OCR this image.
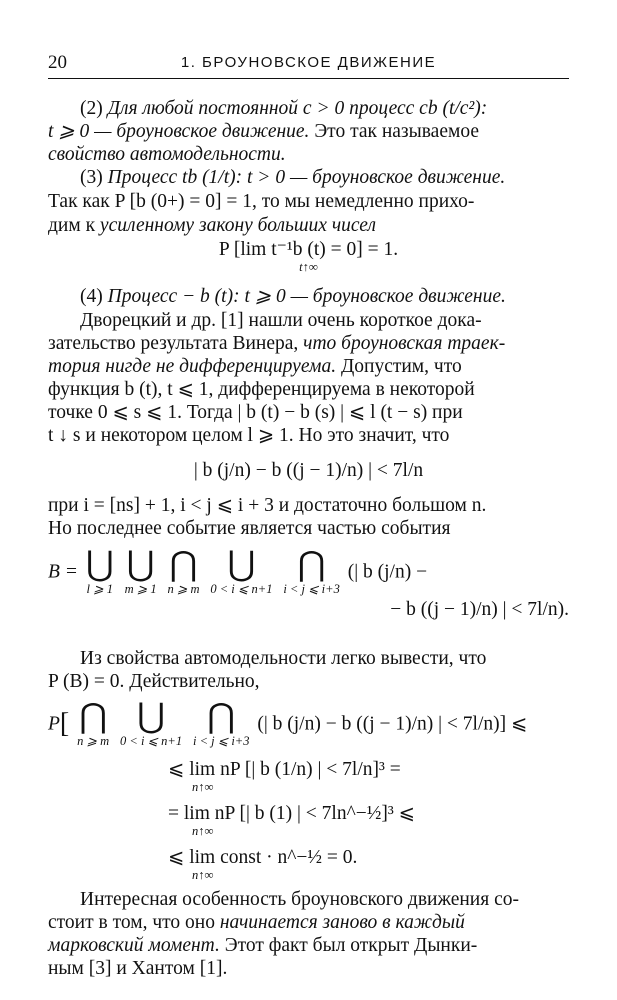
20	1. БРОУНОВСКОЕ ДВИЖЕНИЕ
(2) Для любой постоянной c > 0 процесс cb (t/c²):
t ⩾ 0 — броуновское движение. Это так называемое
свойство автомодельности.
(3) Процесс tb (1/t): t > 0 — броуновское движение.
Так как P [b (0+) = 0] = 1, то мы немедленно прихо-
дим к усиленному закону больших чисел
P [lim t⁻¹b (t) = 0] = 1.
t↑∞
(4) Процесс − b (t): t ⩾ 0 — броуновское движение.
Дворецкий и др. [1] нашли очень короткое дока-
зательство результата Винера, что броуновская траек-
тория нигде не дифференцируема. Допустим, что
функция b (t), t ⩽ 1, дифференцируема в некоторой
точке 0 ⩽ s ⩽ 1. Тогда | b (t) − b (s) | ⩽ l (t − s) при
t ↓ s и некотором целом l ⩾ 1. Но это значит, что
| b (j/n) − b ((j − 1)/n) | < 7l/n
при i = [ns] + 1, i < j ⩽ i + 3 и достаточно большом n.
Но последнее событие является частью события
B = ⋃
l ⩾ 1

⋃
m ⩾ 1

⋂
n ⩾ m

⋃
0 < i ⩽ n+1

⋂
i < j ⩽ i+3
(| b (j/n) −
− b ((j − 1)/n) | < 7l/n).
Из свойства автомодельности легко вывести, что
P (B) = 0. Действительно,
P[ ⋂
n ⩾ m

⋃
0 < i ⩽ n+1

⋂
i < j ⩽ i+3
(| b (j/n) − b ((j − 1)/n) | < 7l/n)] ⩽
⩽ lim nP [| b (1/n) | < 7l/n]³ =
n↑∞
= lim nP [| b (1) | < 7ln^−½]³ ⩽
n↑∞
⩽ lim const · n^−½ = 0.
n↑∞
Интересная особенность броуновского движения со-
стоит в том, что оно начинается заново в каждый
марковский момент. Этот факт был открыт Дынки-
ным [3] и Хантом [1].
